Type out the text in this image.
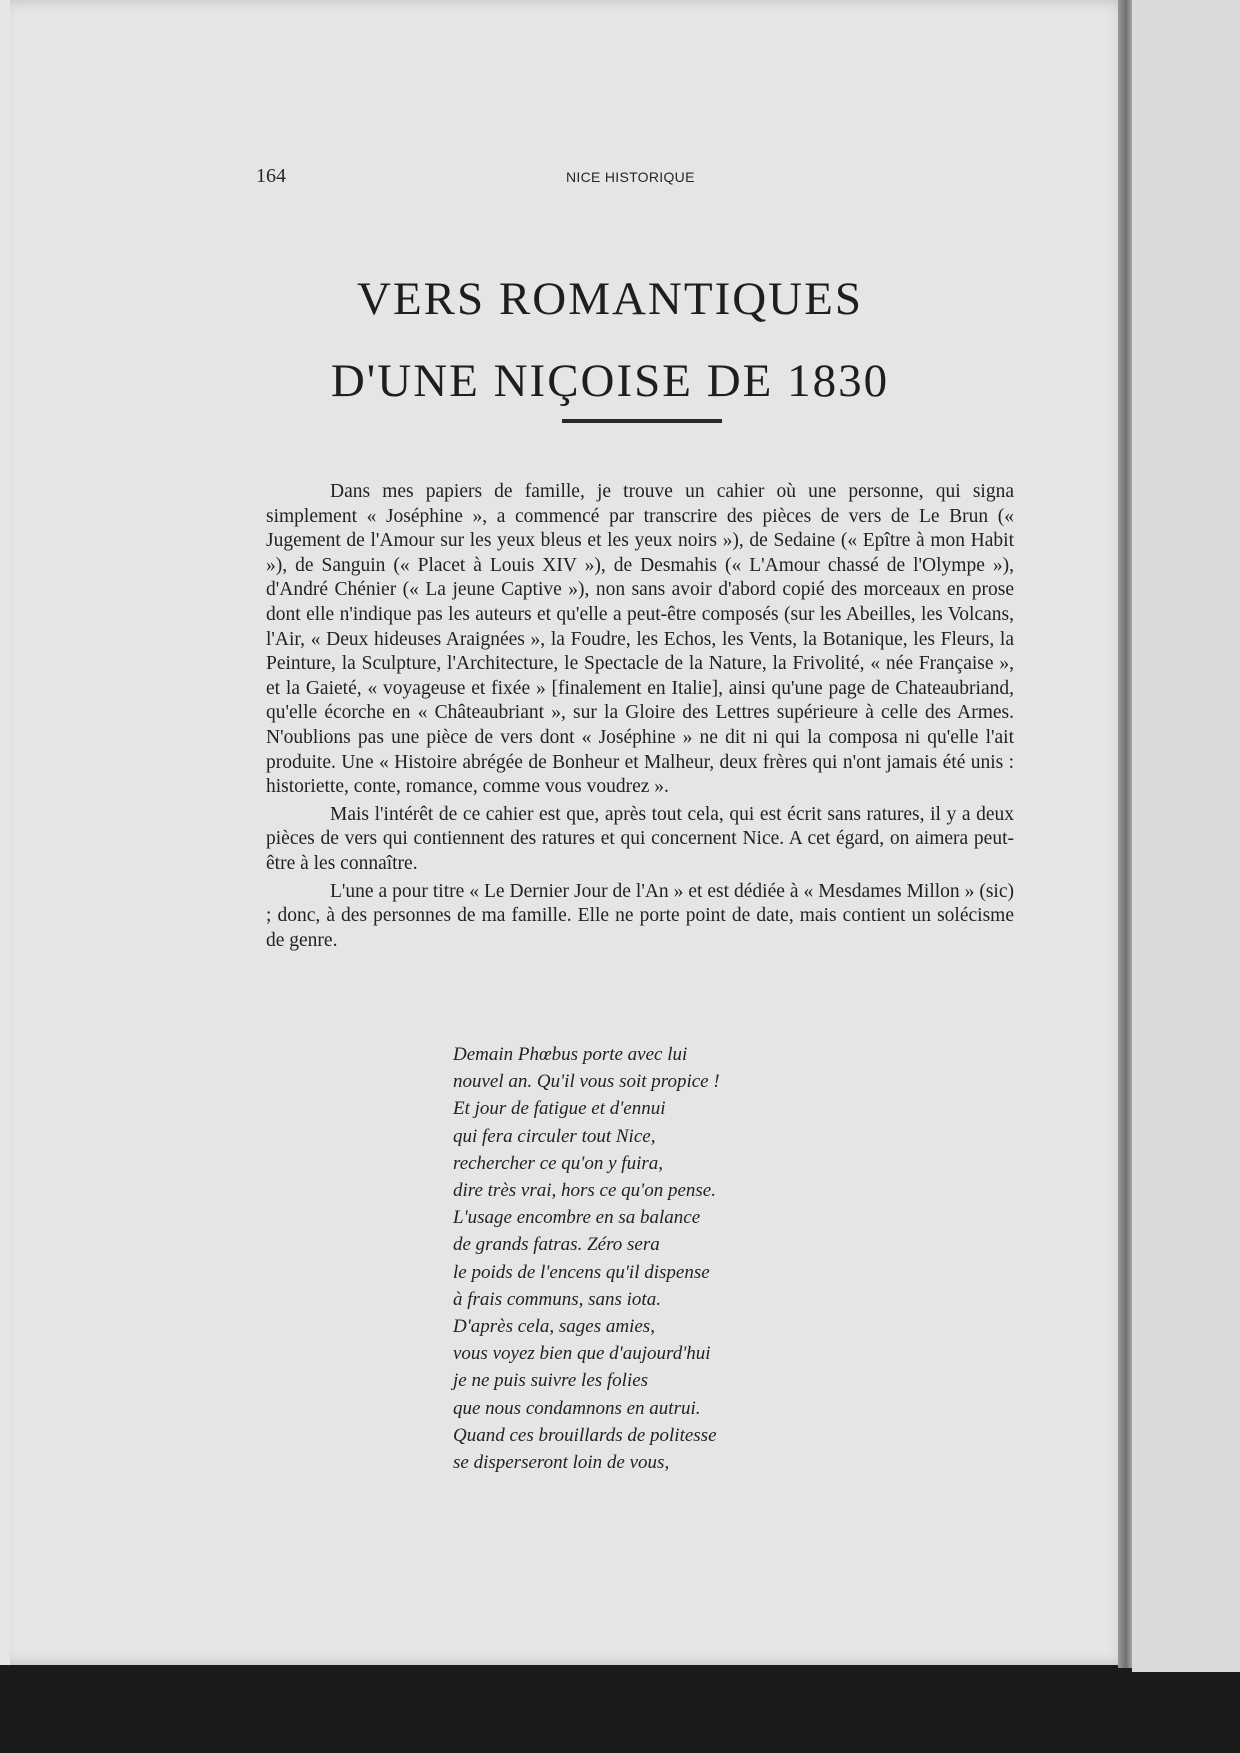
164	NICE HISTORIQUE
VERS ROMANTIQUES
D'UNE NIÇOISE DE 1830

Dans mes papiers de famille, je trouve un cahier où une personne, qui signa simplement « Joséphine », a commencé par transcrire des pièces de vers de Le Brun (« Jugement de l'Amour sur les yeux bleus et les yeux noirs »), de Sedaine (« Epître à mon Habit »), de Sanguin (« Placet à Louis XIV »), de Desmahis (« L'Amour chassé de l'Olympe »), d'André Chénier (« La jeune Captive »), non sans avoir d'abord copié des morceaux en prose dont elle n'indique pas les auteurs et qu'elle a peut-être composés (sur les Abeilles, les Volcans, l'Air, « Deux hideuses Araignées », la Foudre, les Echos, les Vents, la Botanique, les Fleurs, la Peinture, la Sculpture, l'Architecture, le Spectacle de la Nature, la Frivolité, « née Française », et la Gaieté, « voyageuse et fixée » [finalement en Italie], ainsi qu'une page de Chateaubriand, qu'elle écorche en « Châteaubriant », sur la Gloire des Lettres supérieure à celle des Armes. N'oublions pas une pièce de vers dont « Joséphine » ne dit ni qui la composa ni qu'elle l'ait produite. Une « Histoire abrégée de Bonheur et Malheur, deux frères qui n'ont jamais été unis : historiette, conte, romance, comme vous voudrez ».

Mais l'intérêt de ce cahier est que, après tout cela, qui est écrit sans ratures, il y a deux pièces de vers qui contiennent des ratures et qui concernent Nice. A cet égard, on aimera peut-être à les connaître.

L'une a pour titre « Le Dernier Jour de l'An » et est dédiée à « Mesdames Millon » (sic) ; donc, à des personnes de ma famille. Elle ne porte point de date, mais contient un solécisme de genre.

Demain Phœbus porte avec lui
nouvel an. Qu'il vous soit propice !
Et jour de fatigue et d'ennui
qui fera circuler tout Nice,
rechercher ce qu'on y fuira,
dire très vrai, hors ce qu'on pense.
L'usage encombre en sa balance
de grands fatras. Zéro sera
le poids de l'encens qu'il dispense
à frais communs, sans iota.
D'après cela, sages amies,
vous voyez bien que d'aujourd'hui
je ne puis suivre les folies
que nous condamnons en autrui.
Quand ces brouillards de politesse
se disperseront loin de vous,
